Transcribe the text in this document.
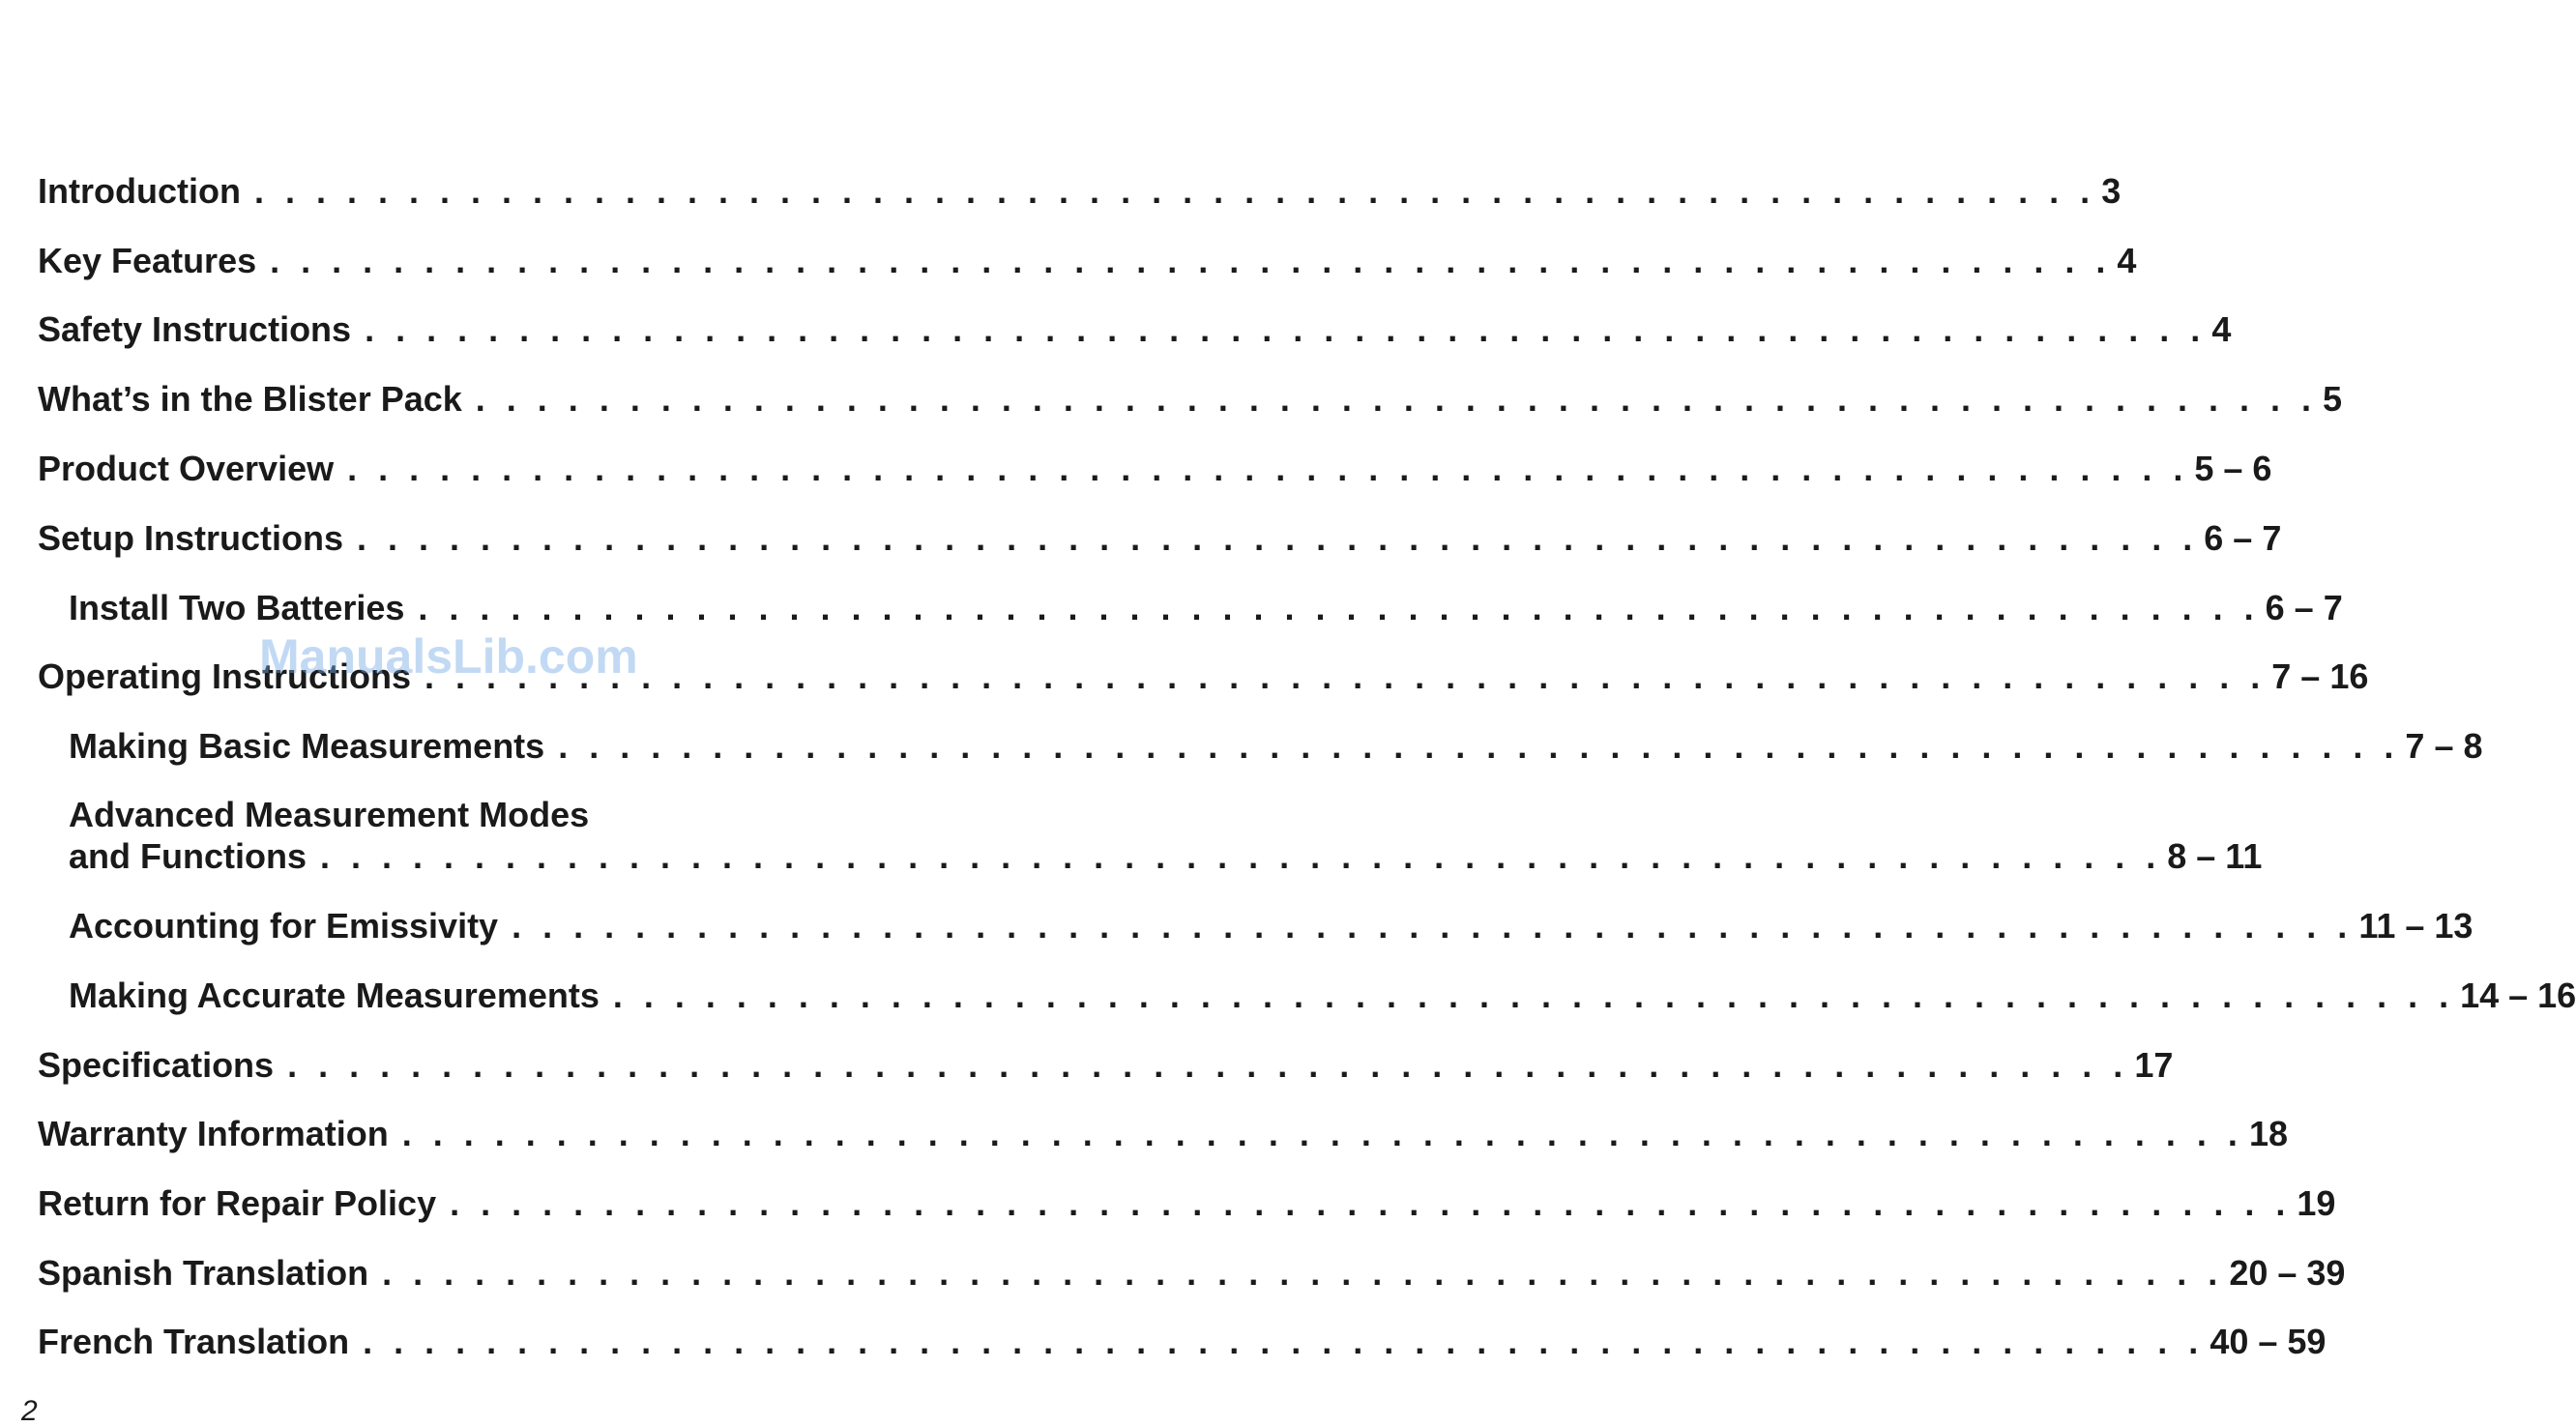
Introduction . . . . . . . . . . . . . . . . . . . . . . . . . . . . . . . . . . . . . . . . . . . . . . . . . . . . . . . . . . . . 3
Key Features . . . . . . . . . . . . . . . . . . . . . . . . . . . . . . . . . . . . . . . . . . . . . . . . . . . . . . . . . . . . 4
Safety Instructions . . . . . . . . . . . . . . . . . . . . . . . . . . . . . . . . . . . . . . . . . . . . . . . . . . . . . . . . . . . . 4
What’s in the Blister Pack . . . . . . . . . . . . . . . . . . . . . . . . . . . . . . . . . . . . . . . . . . . . . . . . . . . . . . . . . . . . 5
Product Overview . . . . . . . . . . . . . . . . . . . . . . . . . . . . . . . . . . . . . . . . . . . . . . . . . . . . . . . . . . . . 5 – 6
Setup Instructions . . . . . . . . . . . . . . . . . . . . . . . . . . . . . . . . . . . . . . . . . . . . . . . . . . . . . . . . . . . . 6 – 7
Install Two Batteries . . . . . . . . . . . . . . . . . . . . . . . . . . . . . . . . . . . . . . . . . . . . . . . . . . . . . . . . . . . . 6 – 7
Operating Instructions . . . . . . . . . . . . . . . . . . . . . . . . . . . . . . . . . . . . . . . . . . . . . . . . . . . . . . . . . . . . 7 – 16
Making Basic Measurements . . . . . . . . . . . . . . . . . . . . . . . . . . . . . . . . . . . . . . . . . . . . . . . . . . . . . . . . . . . . 7 – 8
Advanced Measurement Modes
and Functions . . . . . . . . . . . . . . . . . . . . . . . . . . . . . . . . . . . . . . . . . . . . . . . . . . . . . . . . . . . . 8 – 11
Accounting for Emissivity . . . . . . . . . . . . . . . . . . . . . . . . . . . . . . . . . . . . . . . . . . . . . . . . . . . . . . . . . . . . 11 – 13
Making Accurate Measurements . . . . . . . . . . . . . . . . . . . . . . . . . . . . . . . . . . . . . . . . . . . . . . . . . . . . . . . . . . . . 14 – 16
Specifications . . . . . . . . . . . . . . . . . . . . . . . . . . . . . . . . . . . . . . . . . . . . . . . . . . . . . . . . . . . . 17
Warranty Information . . . . . . . . . . . . . . . . . . . . . . . . . . . . . . . . . . . . . . . . . . . . . . . . . . . . . . . . . . . . 18
Return for Repair Policy . . . . . . . . . . . . . . . . . . . . . . . . . . . . . . . . . . . . . . . . . . . . . . . . . . . . . . . . . . . . 19
Spanish Translation . . . . . . . . . . . . . . . . . . . . . . . . . . . . . . . . . . . . . . . . . . . . . . . . . . . . . . . . . . . . 20 – 39
French Translation . . . . . . . . . . . . . . . . . . . . . . . . . . . . . . . . . . . . . . . . . . . . . . . . . . . . . . . . . . . . 40 – 59
ManualsLib.com
2
